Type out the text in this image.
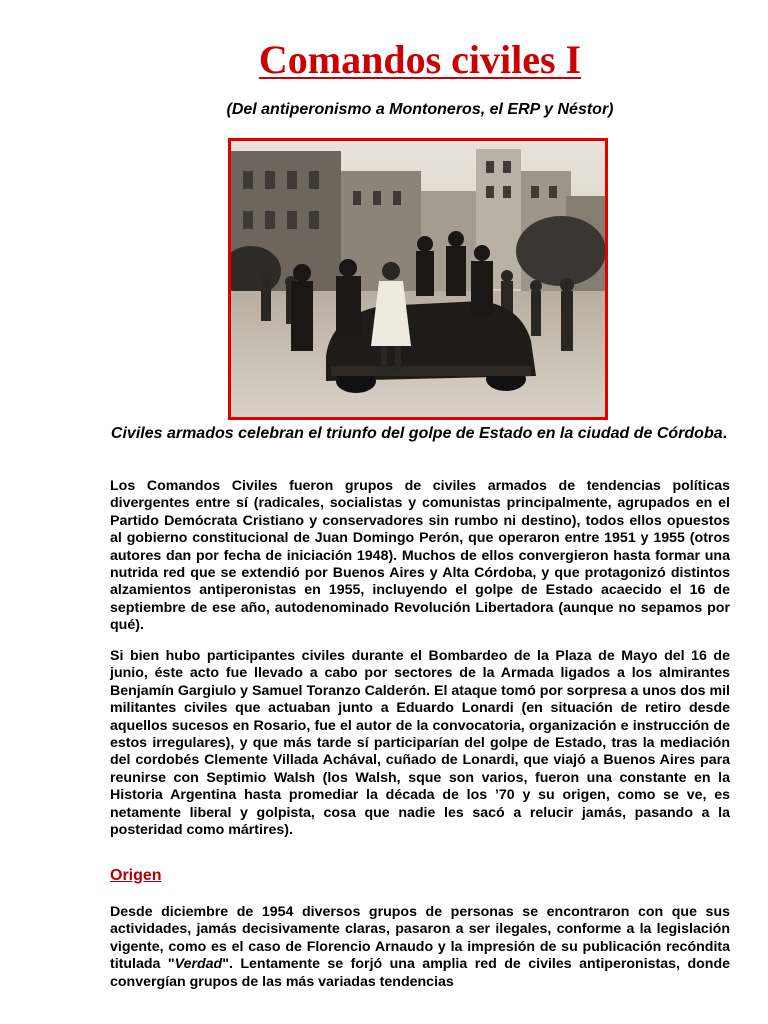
Comandos civiles I

(Del antiperonismo a Montoneros, el ERP y Néstor)

Civiles armados celebran el triunfo del golpe de Estado en la ciudad de Córdoba.

Los Comandos Civiles fueron grupos de civiles armados de tendencias políticas divergentes entre sí (radicales, socialistas y comunistas principalmente, agrupados en el Partido Demócrata Cristiano y conservadores sin rumbo ni destino), todos ellos opuestos al gobierno constitucional de Juan Domingo Perón, que operaron entre 1951 y 1955 (otros autores dan por fecha de iniciación 1948). Muchos de ellos convergieron hasta formar una nutrida red que se extendió por Buenos Aires y Alta Córdoba, y que protagonizó distintos alzamientos antiperonistas en 1955, incluyendo el golpe de Estado acaecido el 16 de septiembre de ese año, autodenominado Revolución Libertadora (aunque no sepamos por qué).

Si bien hubo participantes civiles durante el Bombardeo de la Plaza de Mayo del 16 de junio, éste acto fue llevado a cabo por sectores de la Armada ligados a los almirantes Benjamín Gargiulo y Samuel Toranzo Calderón. El ataque tomó por sorpresa a unos dos mil militantes civiles que actuaban junto a Eduardo Lonardi (en situación de retiro desde aquellos sucesos en Rosario, fue el autor de la convocatoria, organización e instrucción de estos irregulares), y que más tarde sí participarían del golpe de Estado, tras la mediación del cordobés Clemente Villada Achával, cuñado de Lonardi, que viajó a Buenos Aires para reunirse con Septimio Walsh (los Walsh, sque son varios, fueron una constante en la Historia Argentina hasta promediar la década de los ’70 y su origen, como se ve, es netamente liberal y golpista, cosa que nadie les sacó a relucir jamás, pasando a la posteridad como mártires).

Origen

Desde diciembre de 1954 diversos grupos de personas se encontraron con que sus actividades, jamás decisivamente claras, pasaron a ser ilegales, conforme a la legislación vigente, como es el caso de Florencio Arnaudo y la impresión de su publicación recóndita titulada "Verdad". Lentamente se forjó una amplia red de civiles antiperonistas, donde convergían grupos de las más variadas tendencias
